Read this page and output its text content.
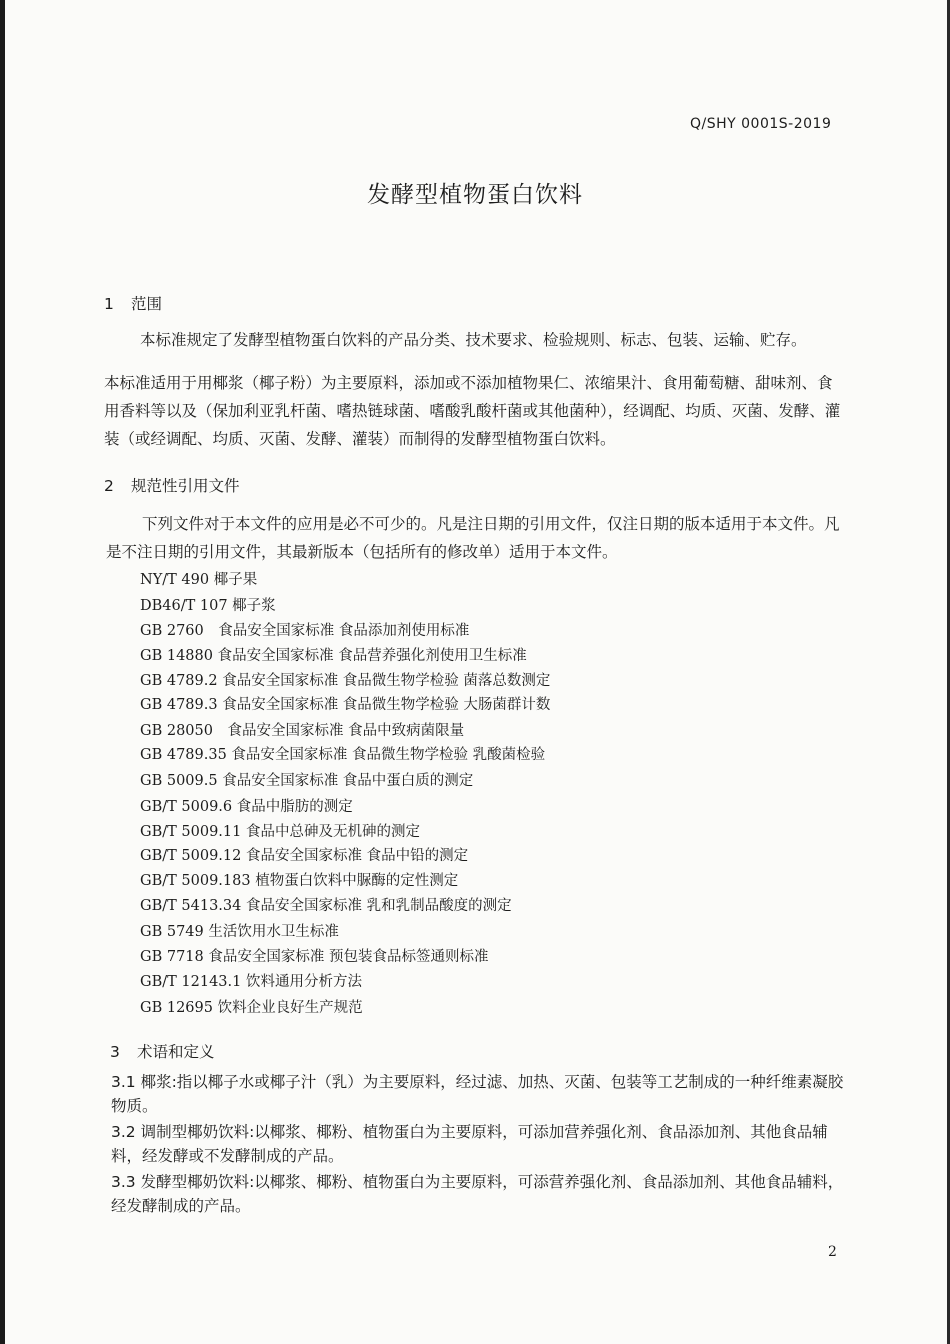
Q/SHY 0001S-2019
发酵型植物蛋白饮料
1 范围
本标准规定了发酵型植物蛋白饮料的产品分类、技术要求、检验规则、标志、包装、运输、贮存。
本标准适用于用椰浆（椰子粉）为主要原料，添加或不添加植物果仁、浓缩果汁、食用葡萄糖、甜味剂、食用香料等以及（保加利亚乳杆菌、嗜热链球菌、嗜酸乳酸杆菌或其他菌种），经调配、均质、灭菌、发酵、灌装（或经调配、均质、灭菌、发酵、灌装）而制得的发酵型植物蛋白饮料。
2 规范性引用文件
下列文件对于本文件的应用是必不可少的。凡是注日期的引用文件，仅注日期的版本适用于本文件。凡是不注日期的引用文件，其最新版本（包括所有的修改单）适用于本文件。
NY/T 490 椰子果
DB46/T 107 椰子浆
GB 2760　食品安全国家标准 食品添加剂使用标准
GB 14880 食品安全国家标准 食品营养强化剂使用卫生标准
GB 4789.2 食品安全国家标准 食品微生物学检验 菌落总数测定
GB 4789.3 食品安全国家标准 食品微生物学检验 大肠菌群计数
GB 28050　食品安全国家标准 食品中致病菌限量
GB 4789.35 食品安全国家标准 食品微生物学检验 乳酸菌检验
GB 5009.5 食品安全国家标准 食品中蛋白质的测定
GB/T 5009.6 食品中脂肪的测定
GB/T 5009.11 食品中总砷及无机砷的测定
GB/T 5009.12 食品安全国家标准 食品中铅的测定
GB/T 5009.183 植物蛋白饮料中脲酶的定性测定
GB/T 5413.34 食品安全国家标准 乳和乳制品酸度的测定
GB 5749 生活饮用水卫生标准
GB 7718 食品安全国家标准 预包装食品标签通则标准
GB/T 12143.1 饮料通用分析方法
GB 12695 饮料企业良好生产规范
3 术语和定义
3.1 椰浆:指以椰子水或椰子汁（乳）为主要原料，经过滤、加热、灭菌、包装等工艺制成的一种纤维素凝胶物质。
3.2 调制型椰奶饮料:以椰浆、椰粉、植物蛋白为主要原料，可添加营养强化剂、食品添加剂、其他食品辅料，经发酵或不发酵制成的产品。
3.3 发酵型椰奶饮料:以椰浆、椰粉、植物蛋白为主要原料，可添营养强化剂、食品添加剂、其他食品辅料，经发酵制成的产品。
2
